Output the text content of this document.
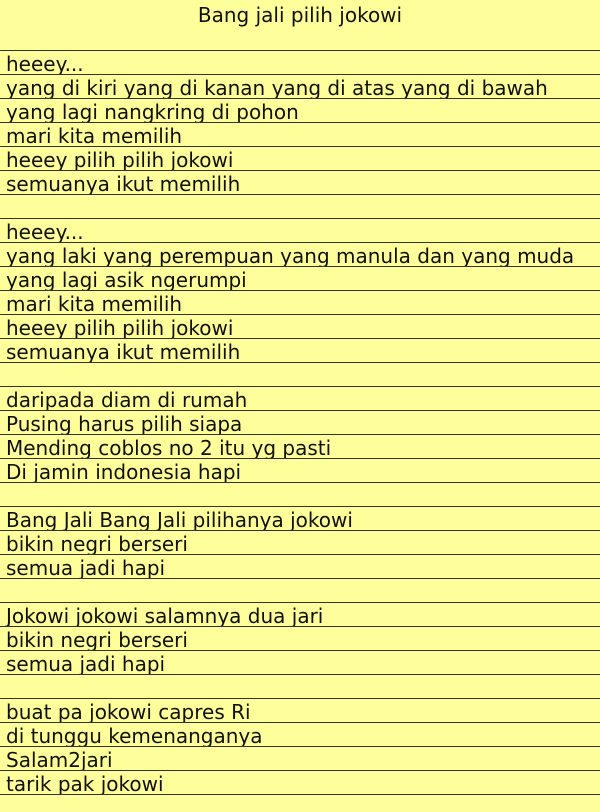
Bang jali pilih jokowi
heeey...
yang di kiri yang di kanan yang di atas yang di bawah
yang lagi nangkring di pohon
mari kita memilih
heeey pilih pilih jokowi
semuanya ikut memilih
heeey...
yang laki yang perempuan yang manula dan yang muda
yang lagi asik ngerumpi
mari kita memilih
heeey pilih pilih jokowi
semuanya ikut memilih
daripada diam di rumah
Pusing harus pilih siapa
Mending coblos no 2 itu yg pasti
Di jamin indonesia hapi
Bang Jali Bang Jali pilihanya jokowi
bikin negri berseri
semua jadi hapi
Jokowi jokowi salamnya dua jari
bikin negri berseri
semua jadi hapi
buat pa jokowi capres Ri
di tunggu kemenanganya
Salam2jari
tarik pak jokowi
